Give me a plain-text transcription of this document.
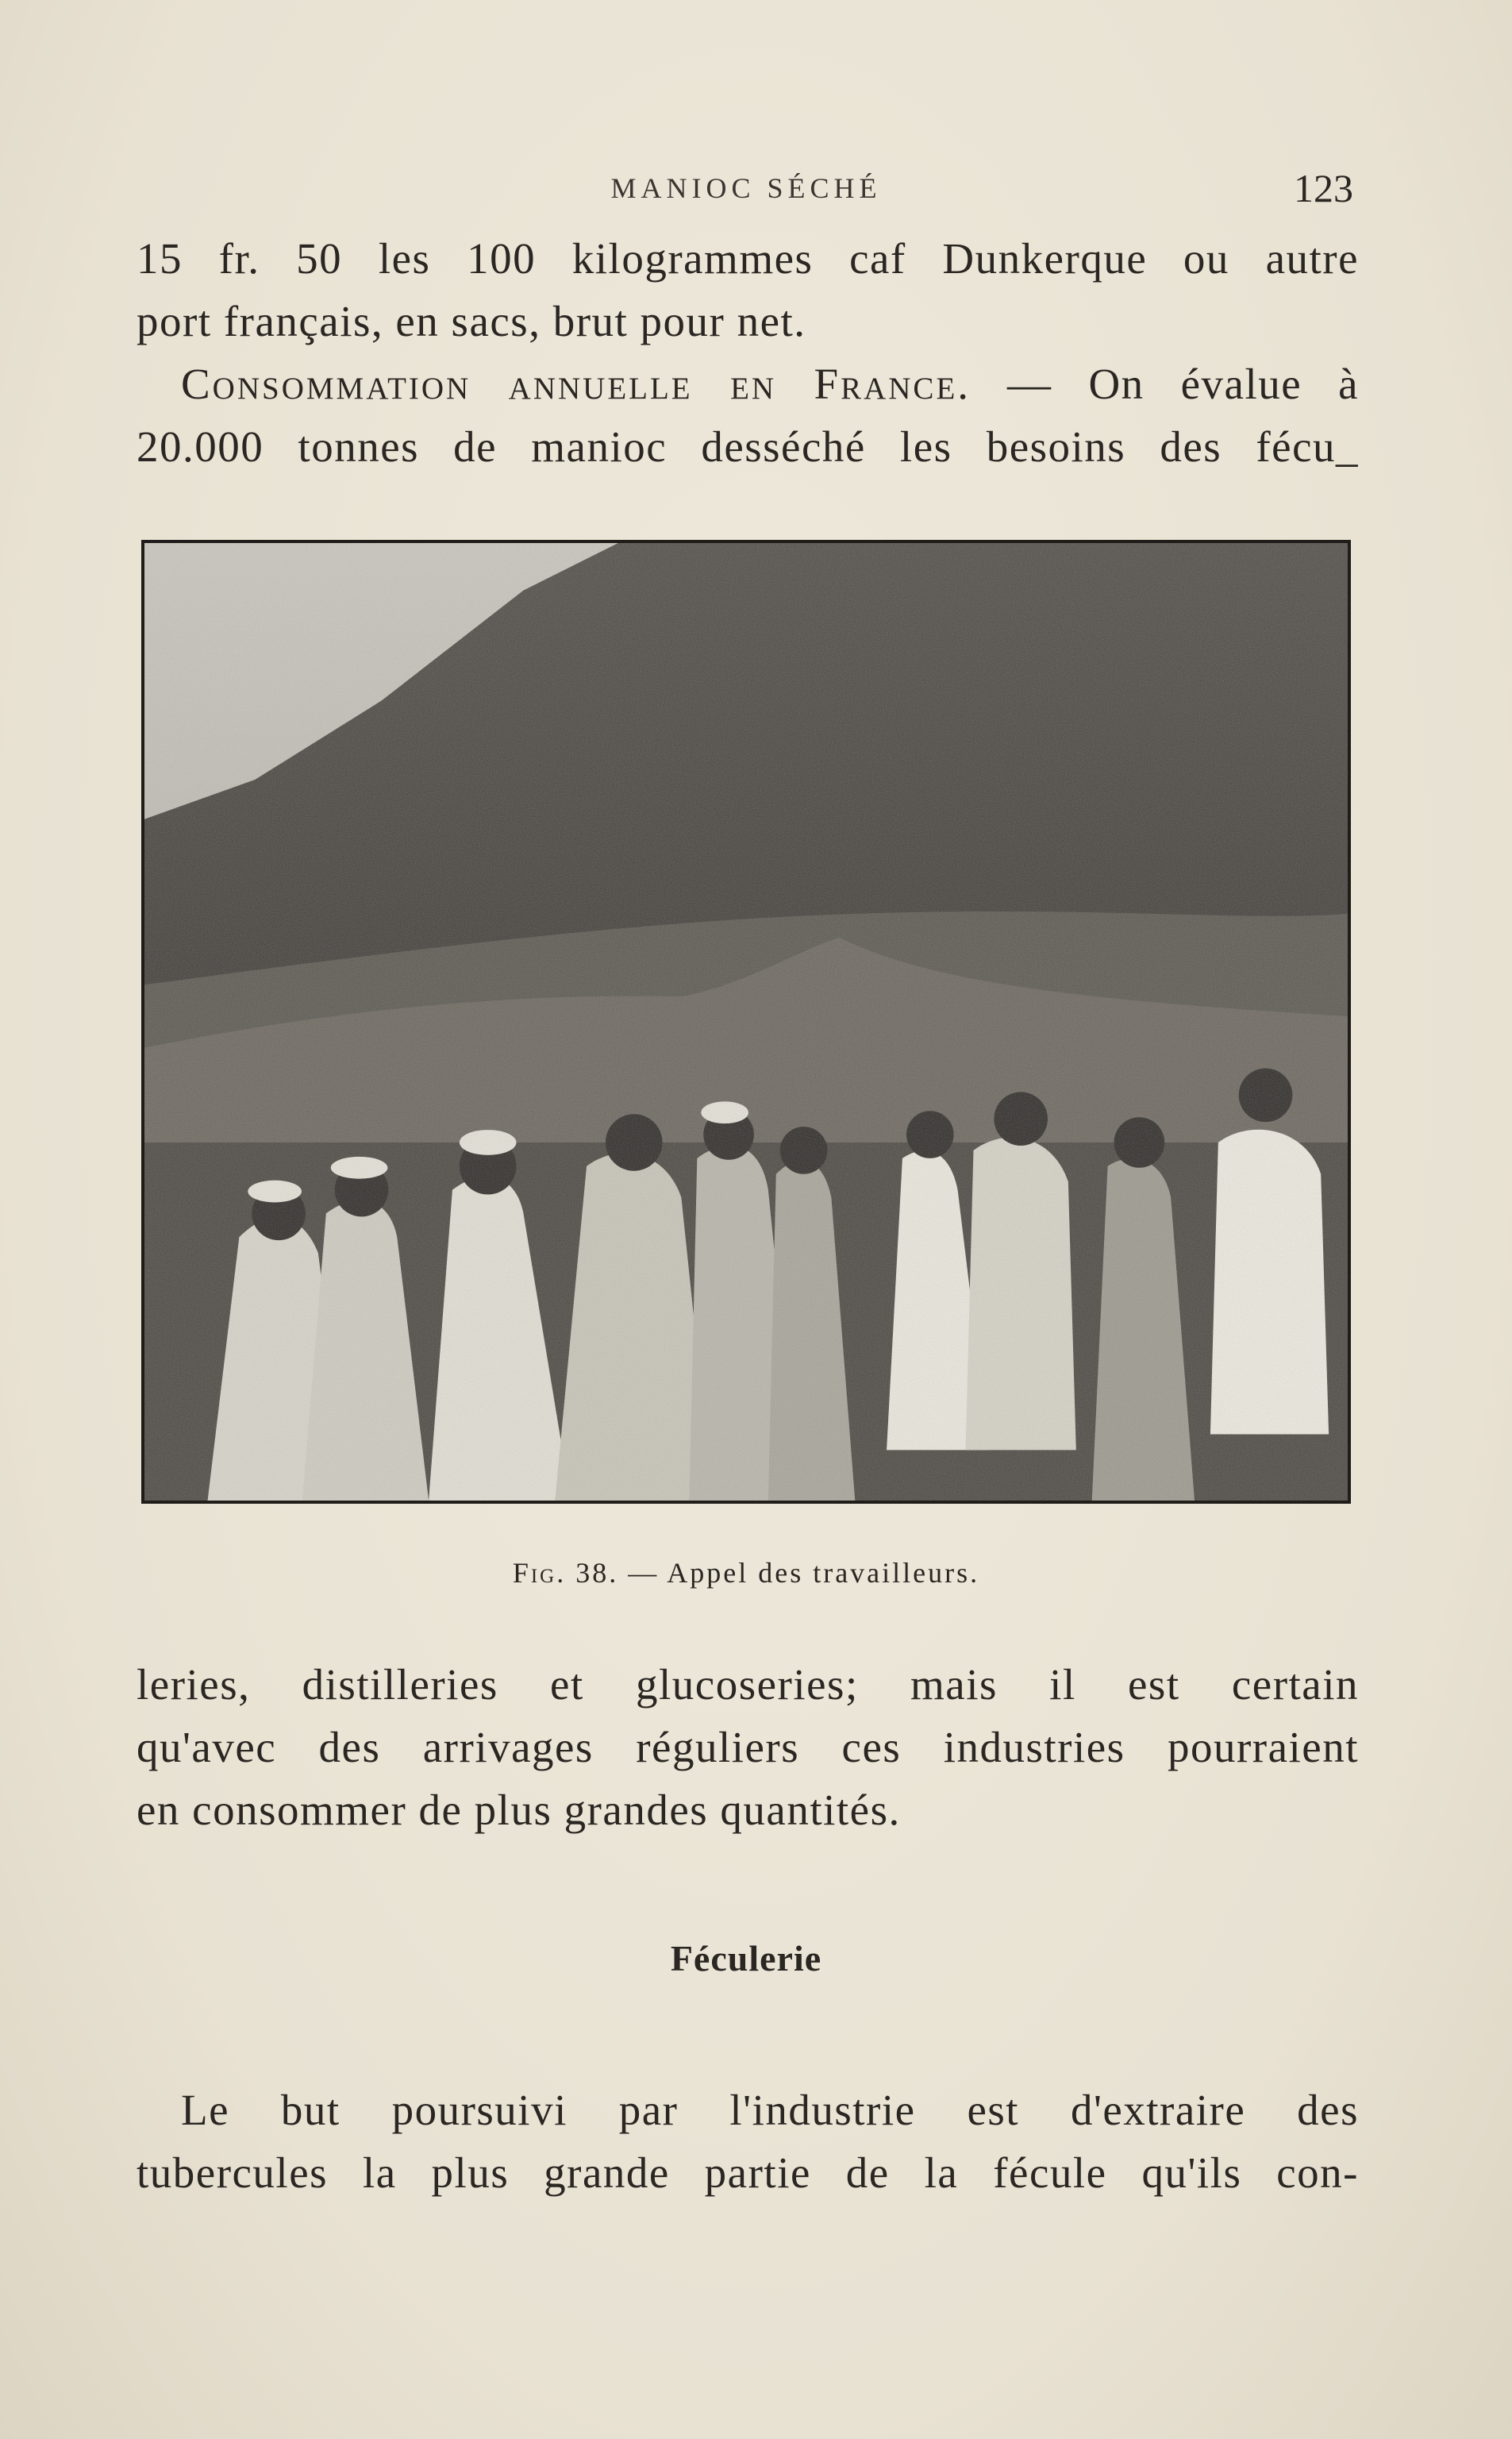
MANIOC SÉCHÉ	123
15 fr. 50 les 100 kilogrammes caf Dunkerque ou autre
port français, en sacs, brut pour net.
Consommation annuelle en France. — On évalue à
20.000 tonnes de manioc desséché les besoins des fécu_
Fig. 38. — Appel des travailleurs.
leries, distilleries et glucoseries; mais il est certain
qu'avec des arrivages réguliers ces industries pourraient
en consommer de plus grandes quantités.
Féculerie
Le but poursuivi par l'industrie est d'extraire des
tubercules la plus grande partie de la fécule qu'ils con-
